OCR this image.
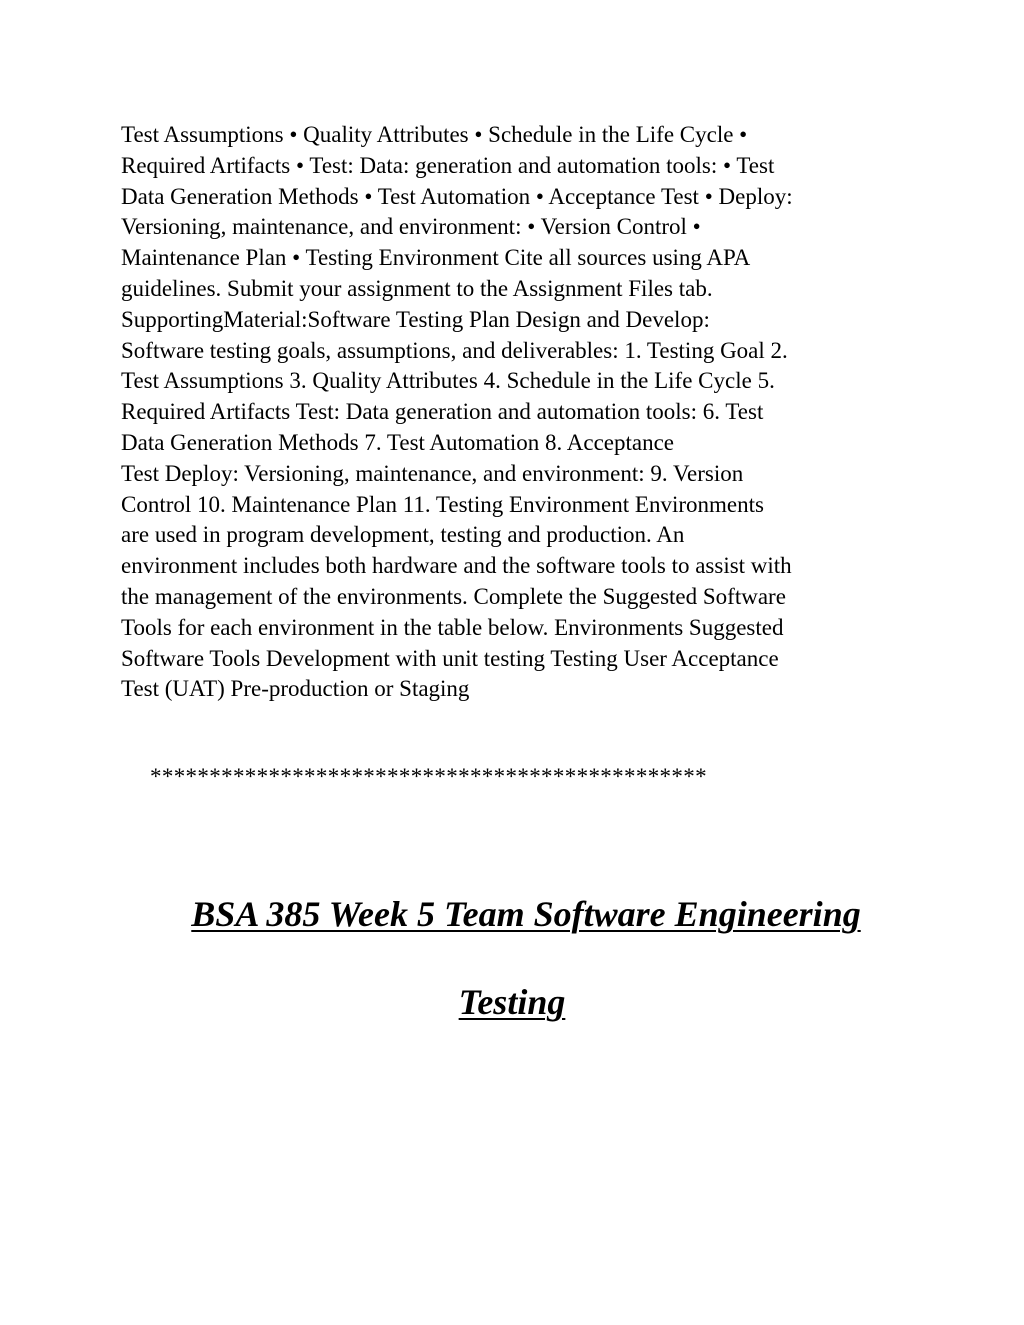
Test Assumptions • Quality Attributes • Schedule in the Life Cycle •
Required Artifacts • Test: Data: generation and automation tools: • Test
Data Generation Methods • Test Automation • Acceptance Test • Deploy:
Versioning, maintenance, and environment: • Version Control •
Maintenance Plan • Testing Environment Cite all sources using APA
guidelines. Submit your assignment to the Assignment Files tab.
SupportingMaterial:Software Testing Plan Design and Develop:
Software testing goals, assumptions, and deliverables: 1. Testing Goal 2.
Test Assumptions 3. Quality Attributes 4. Schedule in the Life Cycle 5.
Required Artifacts Test: Data generation and automation tools: 6. Test
Data Generation Methods 7. Test Automation 8. Acceptance
Test Deploy: Versioning, maintenance, and environment: 9. Version
Control 10. Maintenance Plan 11. Testing Environment Environments
are used in program development, testing and production. An
environment includes both hardware and the software tools to assist with
the management of the environments. Complete the Suggested Software
Tools for each environment in the table below. Environments Suggested
Software Tools Development with unit testing Testing User Acceptance
Test (UAT) Pre-production or Staging
***********************************************
BSA 385 Week 5 Team Software Engineering
Testing
